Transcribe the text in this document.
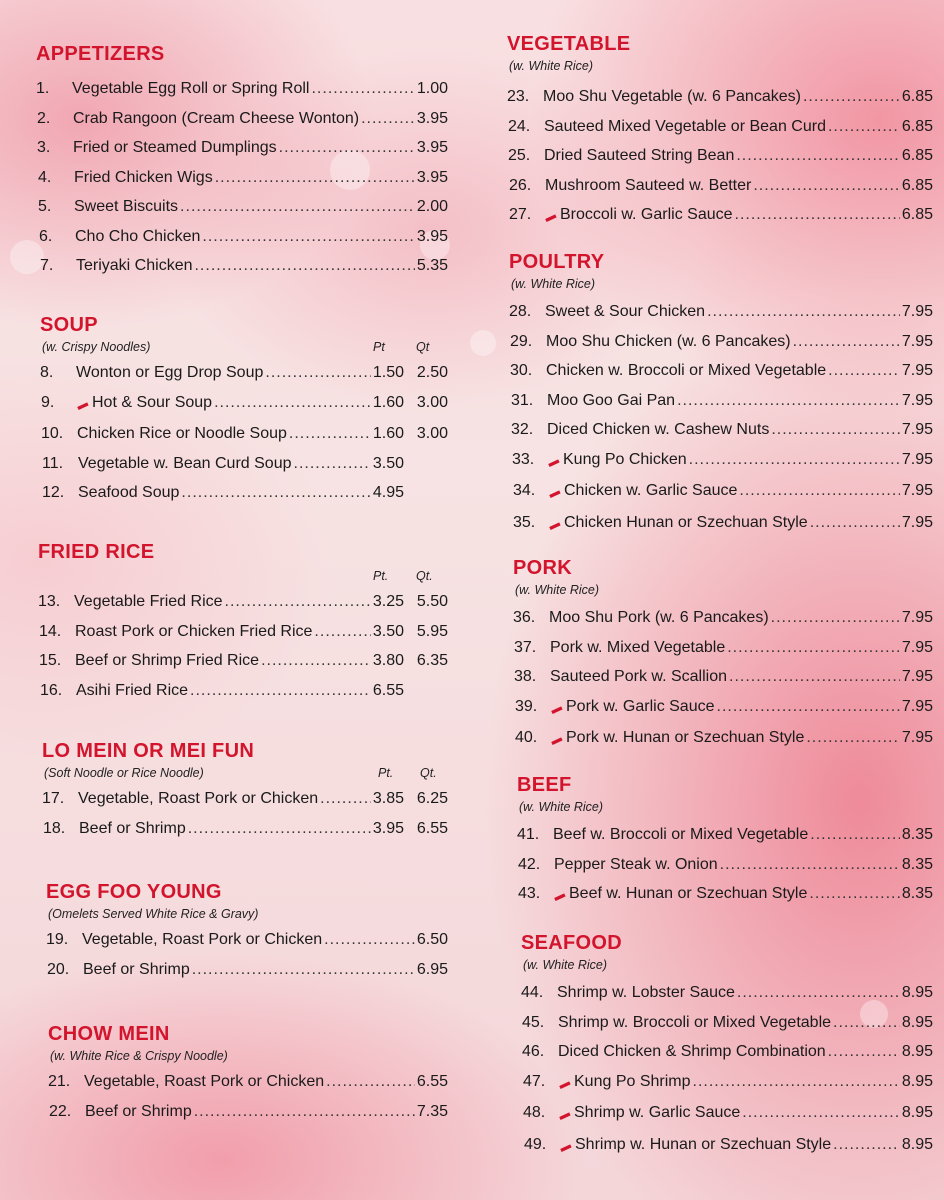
APPETIZERS
1.	Vegetable Egg Roll or Spring Roll .....	1.00
2.	Crab Rangoon (Cream Cheese Wonton) .....	3.95
3.	Fried or Steamed Dumplings .....	3.95
4.	Fried Chicken Wigs .....	3.95
5.	Sweet Biscuits .....	2.00
6.	Cho Cho Chicken .....	3.95
7.	Teriyaki Chicken .....	5.35
SOUP
(w. Crispy Noodles)	Pt Qt
8.	Wonton or Egg Drop Soup .....	1.50 2.50
9.	▬ Hot & Sour Soup .....	1.60 3.00
10. Chicken Rice or Noodle Soup .....	1.60 3.00
11. Vegetable w. Bean Curd Soup .....	3.50
12. Seafood Soup .....	4.95
FRIED RICE
Pt. Qt.
13. Vegetable Fried Rice .....	3.25 5.50
14. Roast Pork or Chicken Fried Rice .....	3.50 5.95
15. Beef or Shrimp Fried Rice .....	3.80 6.35
16. Asihi Fried Rice .....	6.55
LO MEIN OR MEI FUN
(Soft Noodle or Rice Noodle)	Pt. Qt.
17. Vegetable, Roast Pork or Chicken .....	3.85 6.25
18. Beef or Shrimp .....	3.95 6.55
EGG FOO YOUNG
(Omelets Served White Rice & Gravy)
19. Vegetable, Roast Pork or Chicken .....	6.50
20. Beef or Shrimp .....	6.95
CHOW MEIN
(w. White Rice & Crispy Noodle)
21. Vegetable, Roast Pork or Chicken .....	6.55
22. Beef or Shrimp .....	7.35
VEGETABLE
(w. White Rice)
23. Moo Shu Vegetable (w. 6 Pancakes) .....	6.85
24. Sauteed Mixed Vegetable or Bean Curd .....	6.85
25. Dried Sauteed String Bean .....	6.85
26. Mushroom Sauteed w. Better .....	6.85
27.	▬ Broccoli w. Garlic Sauce .....	6.85
POULTRY
(w. White Rice)
28. Sweet & Sour Chicken .....	7.95
29. Moo Shu Chicken (w. 6 Pancakes) .....	7.95
30. Chicken w. Broccoli or Mixed Vegetable .....	7.95
31. Moo Goo Gai Pan .....	7.95
32. Diced Chicken w. Cashew Nuts .....	7.95
33.	▬ Kung Po Chicken .....	7.95
34.	▬ Chicken w. Garlic Sauce .....	7.95
35.	▬ Chicken Hunan or Szechuan Style .....	7.95
PORK
(w. White Rice)
36. Moo Shu Pork (w. 6 Pancakes) .....	7.95
37. Pork w. Mixed Vegetable .....	7.95
38. Sauteed Pork w. Scallion .....	7.95
39.	▬ Pork w. Garlic Sauce .....	7.95
40.	▬ Pork w. Hunan or Szechuan Style .....	7.95
BEEF
(w. White Rice)
41. Beef w. Broccoli or Mixed Vegetable .....	8.35
42. Pepper Steak w. Onion .....	8.35
43.	▬ Beef w. Hunan or Szechuan Style .....	8.35
SEAFOOD
(w. White Rice)
44. Shrimp w. Lobster Sauce .....	8.95
45. Shrimp w. Broccoli or Mixed Vegetable .....	8.95
46. Diced Chicken & Shrimp Combination .....	8.95
47.	▬ Kung Po Shrimp .....	8.95
48.	▬ Shrimp w. Garlic Sauce .....	8.95
49.	▬ Shrimp w. Hunan or Szechuan Style .....	8.95
